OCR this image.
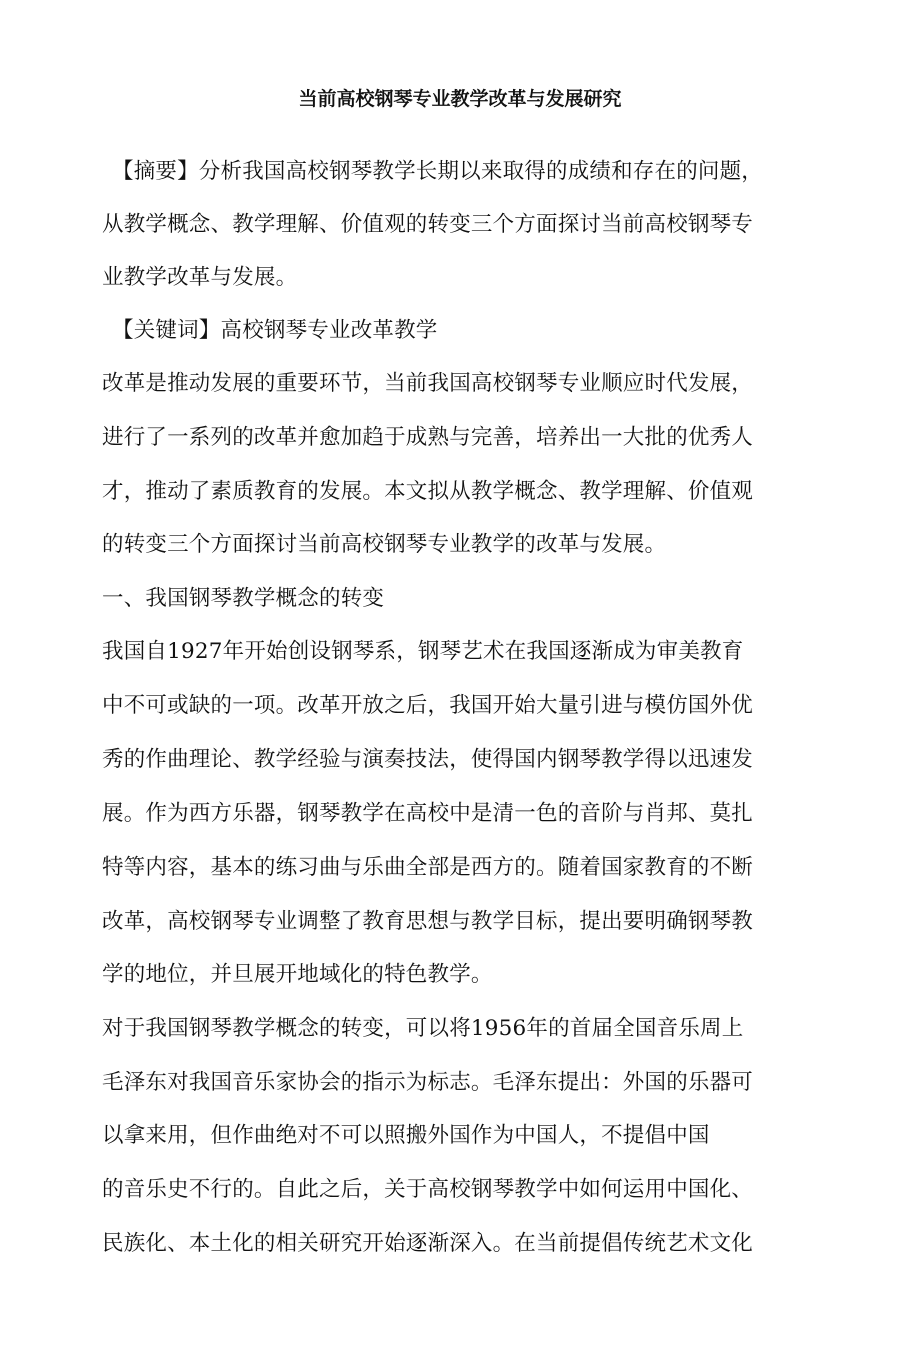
当前高校钢琴专业教学改革与发展研究
【摘要】分析我国高校钢琴教学长期以来取得的成绩和存在的问题，
从教学概念、教学理解、价值观的转变三个方面探讨当前高校钢琴专
业教学改革与发展。
【关键词】高校钢琴专业改革教学
改革是推动发展的重要环节，当前我国高校钢琴专业顺应时代发展，
进行了一系列的改革并愈加趋于成熟与完善，培养出一大批的优秀人
才，推动了素质教育的发展。本文拟从教学概念、教学理解、价值观
的转变三个方面探讨当前高校钢琴专业教学的改革与发展。
一、我国钢琴教学概念的转变
我国自1927年开始创设钢琴系，钢琴艺术在我国逐渐成为审美教育
中不可或缺的一项。改革开放之后，我国开始大量引进与模仿国外优
秀的作曲理论、教学经验与演奏技法，使得国内钢琴教学得以迅速发
展。作为西方乐器，钢琴教学在高校中是清一色的音阶与肖邦、莫扎
特等内容，基本的练习曲与乐曲全部是西方的。随着国家教育的不断
改革，高校钢琴专业调整了教育思想与教学目标，提出要明确钢琴教
学的地位，并旦展开地域化的特色教学。
对于我国钢琴教学概念的转变，可以将1956年的首届全国音乐周上
毛泽东对我国音乐家协会的指示为标志。毛泽东提出：外国的乐器可
以拿来用，但作曲绝对不可以照搬外国作为中国人，不提倡中国
的音乐史不行的。自此之后，关于高校钢琴教学中如何运用中国化、
民族化、本土化的相关研究开始逐渐深入。在当前提倡传统艺术文化
